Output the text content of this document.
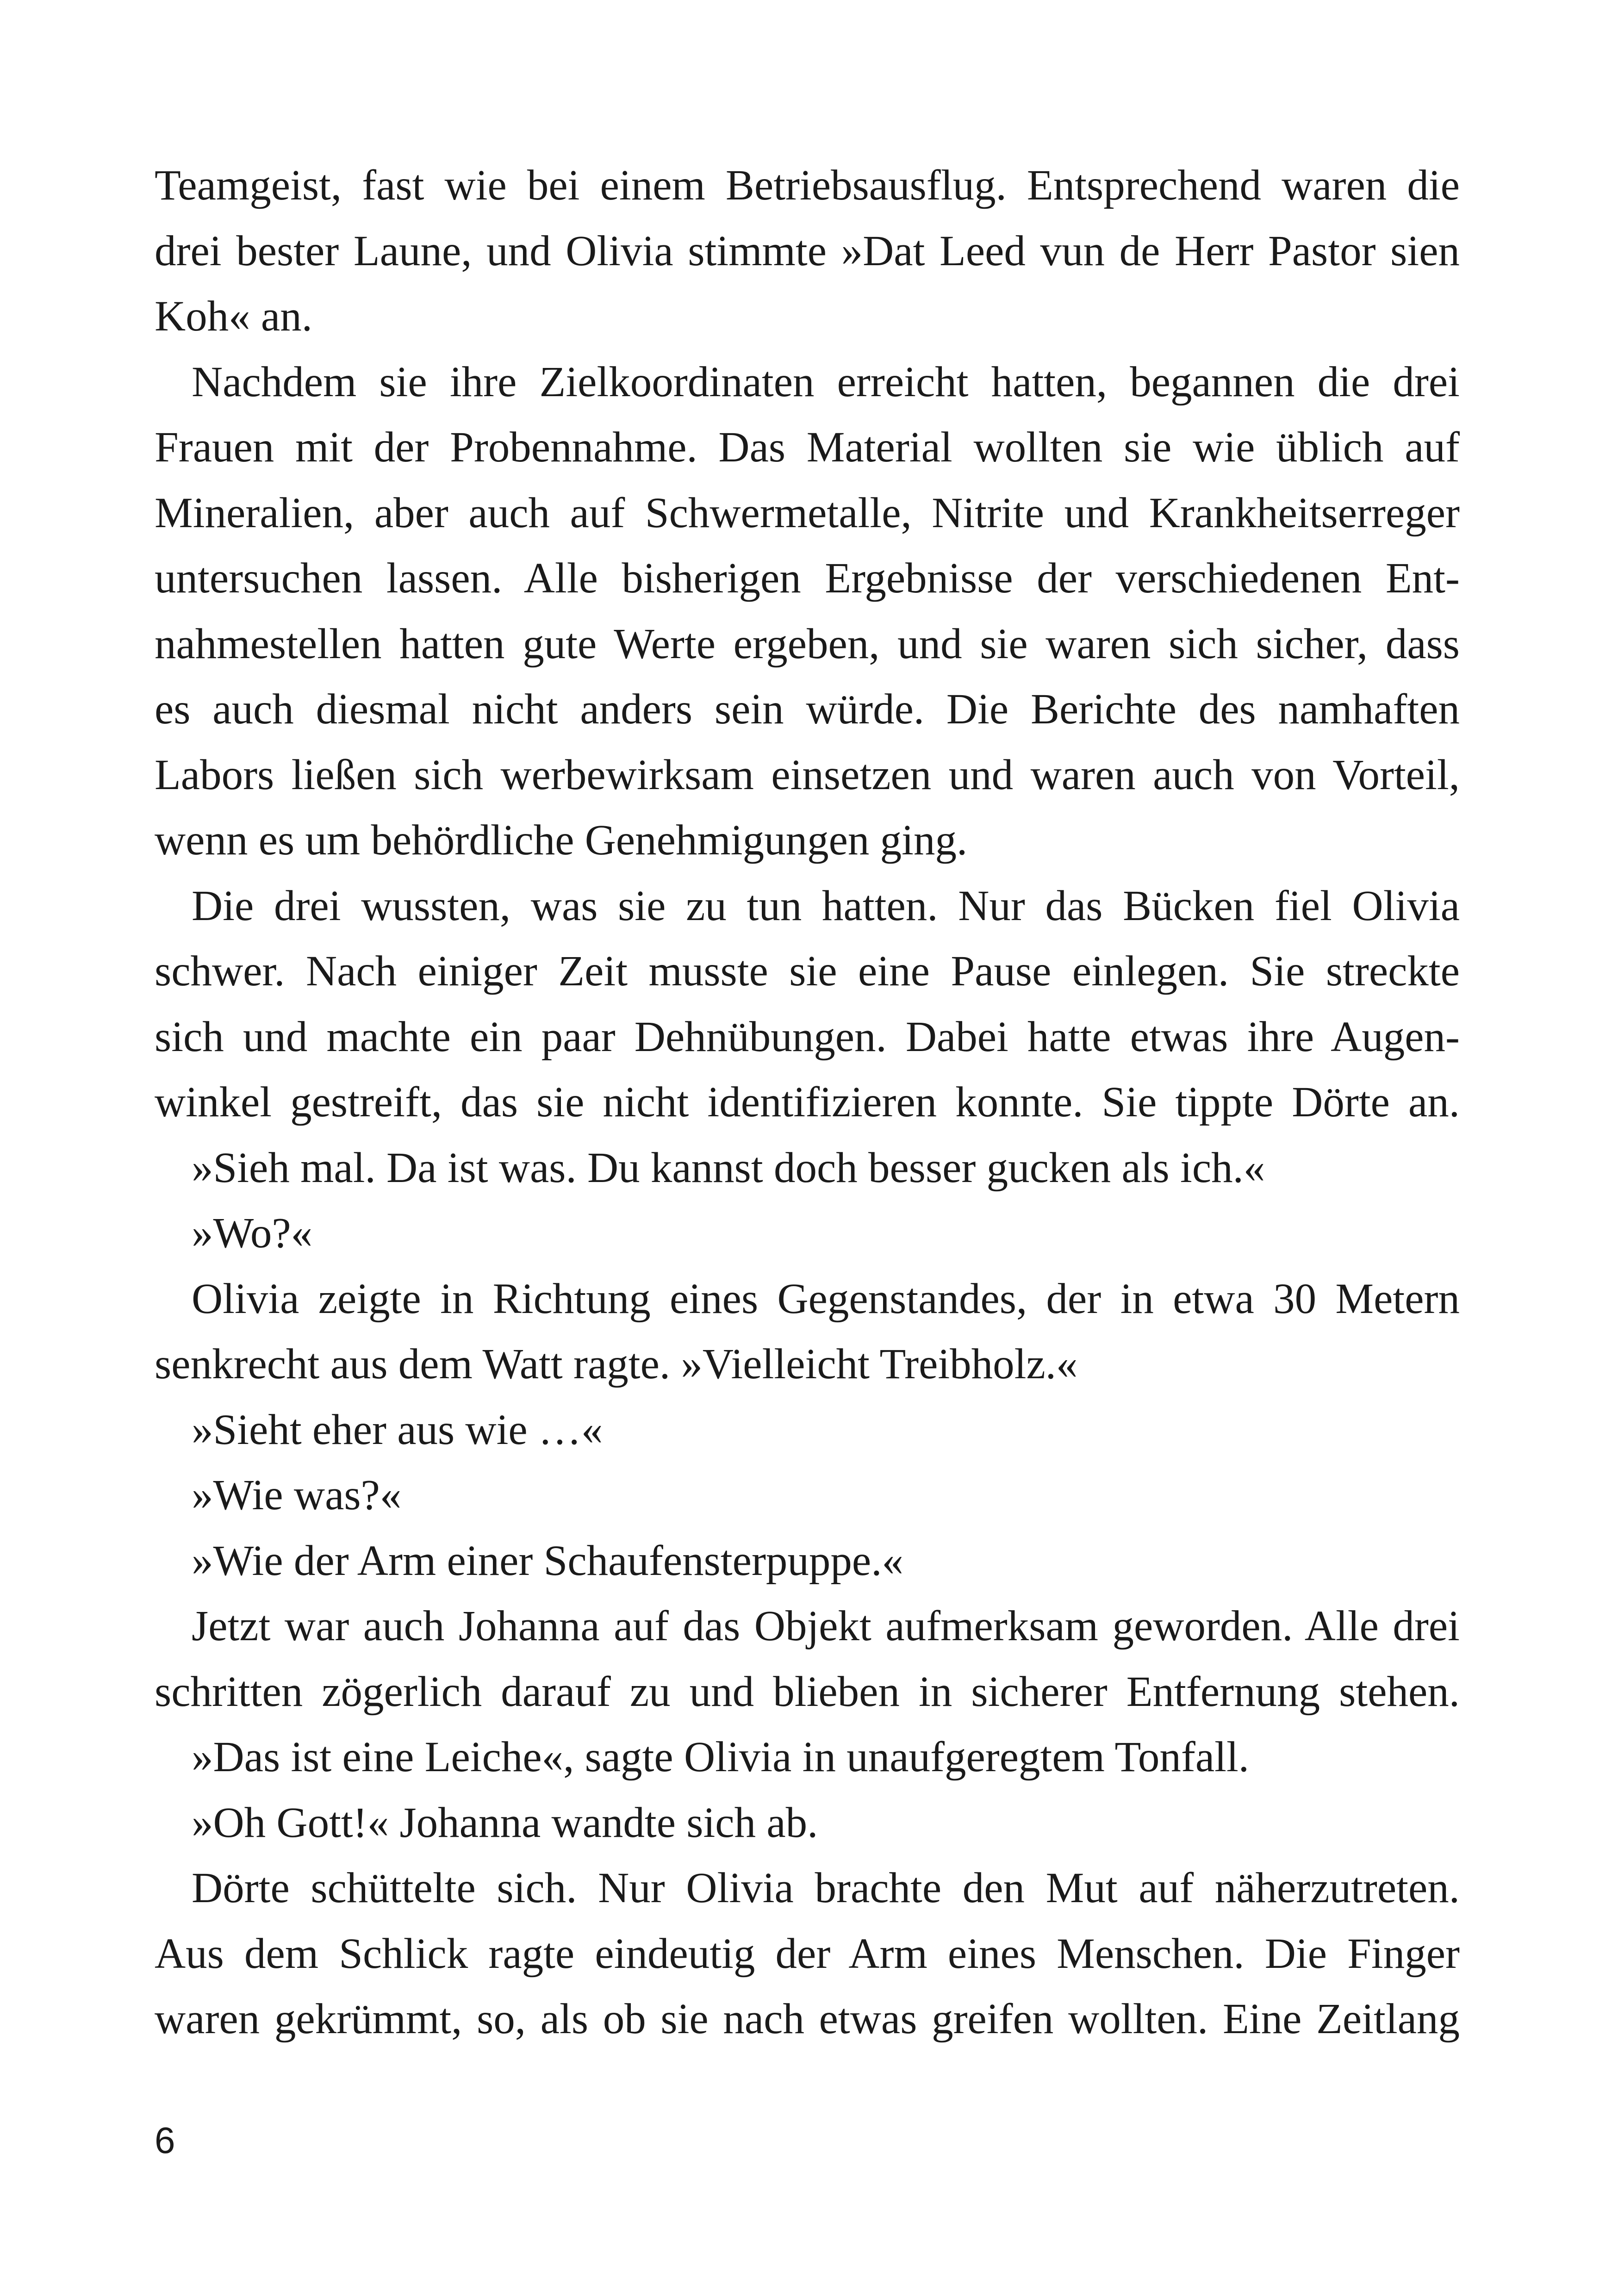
Teamgeist, fast wie bei einem Betriebsausflug. Entsprechend waren die
drei bester Laune, und Olivia stimmte »Dat Leed vun de Herr Pastor sien
Koh« an.
Nachdem sie ihre Zielkoordinaten erreicht hatten, begannen die drei
Frauen mit der Probennahme. Das Material wollten sie wie üblich auf
Mineralien, aber auch auf Schwermetalle, Nitrite und Krankheitserreger
untersuchen lassen. Alle bisherigen Ergebnisse der verschiedenen Ent-
nahmestellen hatten gute Werte ergeben, und sie waren sich sicher, dass
es auch diesmal nicht anders sein würde. Die Berichte des namhaften
Labors ließen sich werbewirksam einsetzen und waren auch von Vorteil,
wenn es um behördliche Genehmigungen ging.
Die drei wussten, was sie zu tun hatten. Nur das Bücken fiel Olivia
schwer. Nach einiger Zeit musste sie eine Pause einlegen. Sie streckte
sich und machte ein paar Dehnübungen. Dabei hatte etwas ihre Augen-
winkel gestreift, das sie nicht identifizieren konnte. Sie tippte Dörte an.
»Sieh mal. Da ist was. Du kannst doch besser gucken als ich.«
»Wo?«
Olivia zeigte in Richtung eines Gegenstandes, der in etwa 30 Metern
senkrecht aus dem Watt ragte. »Vielleicht Treibholz.«
»Sieht eher aus wie …«
»Wie was?«
»Wie der Arm einer Schaufensterpuppe.«
Jetzt war auch Johanna auf das Objekt aufmerksam geworden. Alle drei
schritten zögerlich darauf zu und blieben in sicherer Entfernung stehen.
»Das ist eine Leiche«, sagte Olivia in unaufgeregtem Tonfall.
»Oh Gott!« Johanna wandte sich ab.
Dörte schüttelte sich. Nur Olivia brachte den Mut auf näherzutreten.
Aus dem Schlick ragte eindeutig der Arm eines Menschen. Die Finger
waren gekrümmt, so, als ob sie nach etwas greifen wollten. Eine Zeitlang
6
